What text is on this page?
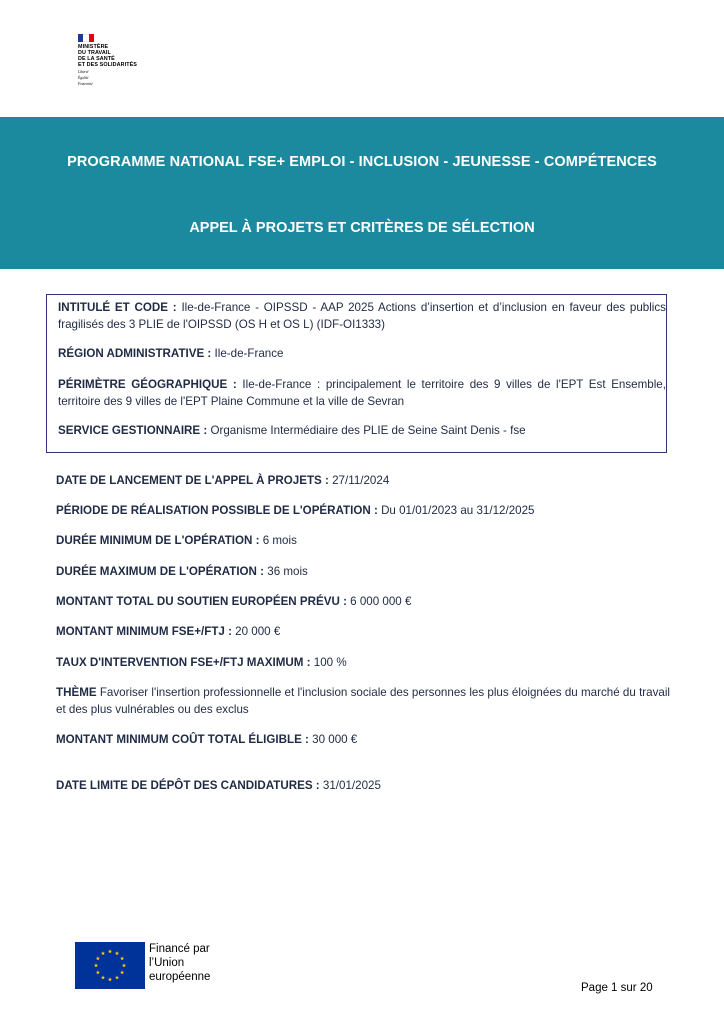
MINISTÈRE
DU TRAVAIL
DE LA SANTÉ
ET DES SOLIDARITÉS
Liberté
Égalité
Fraternité
PROGRAMME NATIONAL FSE+ EMPLOI - INCLUSION - JEUNESSE - COMPÉTENCES
APPEL À PROJETS ET CRITÈRES DE SÉLECTION

INTITULÉ ET CODE : Ile-de-France - OIPSSD - AAP 2025 Actions d’insertion et d’inclusion en faveur des publics fragilisés des 3 PLIE de l'OIPSSD (OS H et OS L) (IDF-OI1333)

RÉGION ADMINISTRATIVE : Ile-de-France

PÉRIMÈTRE GÉOGRAPHIQUE : Ile-de-France : principalement le territoire des 9 villes de l'EPT Est Ensemble, territoire des 9 villes de l'EPT Plaine Commune et la ville de Sevran

SERVICE GESTIONNAIRE : Organisme Intermédiaire des PLIE de Seine Saint Denis - fse

DATE DE LANCEMENT DE L'APPEL À PROJETS : 27/11/2024

PÉRIODE DE RÉALISATION POSSIBLE DE L'OPÉRATION : Du 01/01/2023 au 31/12/2025

DURÉE MINIMUM DE L'OPÉRATION : 6 mois

DURÉE MAXIMUM DE L'OPÉRATION : 36 mois

MONTANT TOTAL DU SOUTIEN EUROPÉEN PRÉVU : 6 000 000 €

MONTANT MINIMUM FSE+/FTJ : 20 000 €

TAUX D'INTERVENTION FSE+/FTJ MAXIMUM : 100 %

THÈME Favoriser l'insertion professionnelle et l'inclusion sociale des personnes les plus éloignées du marché du travail et des plus vulnérables ou des exclus

MONTANT MINIMUM COÛT TOTAL ÉLIGIBLE : 30 000 €

DATE LIMITE DE DÉPÔT DES CANDIDATURES : 31/01/2025

Financé par
l’Union
européenne
Page 1 sur 20
